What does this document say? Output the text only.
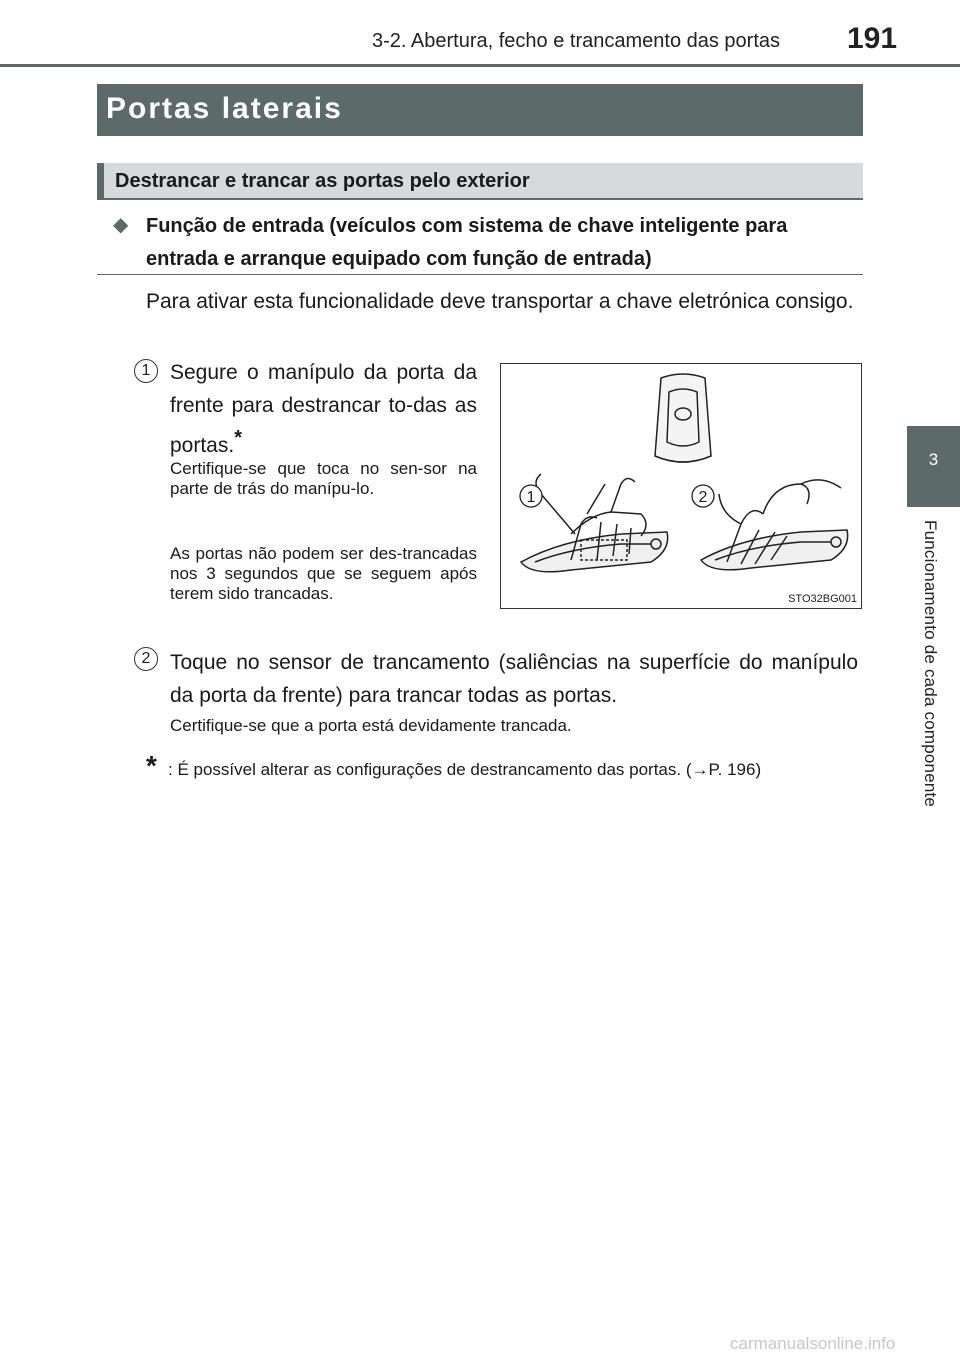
3-2. Abertura, fecho e trancamento das portas 191
3
Funcionamento de cada componente
Portas laterais
Destrancar e trancar as portas pelo exterior
◆ Função de entrada (veículos com sistema de chave inteligente para entrada e arranque equipado com função de entrada)
Para ativar esta funcionalidade deve transportar a chave eletrónica consigo.
1 Segure o manípulo da porta da frente para destrancar to-das as portas.*
Certifique-se que toca no sen-sor na parte de trás do manípu-lo.
As portas não podem ser des-trancadas nos 3 segundos que se seguem após terem sido trancadas.
1	2
STO32BG001
2 Toque no sensor de trancamento (saliências na superfície do manípulo da porta da frente) para trancar todas as portas.
Certifique-se que a porta está devidamente trancada.
* : É possível alterar as configurações de destrancamento das portas. (→P. 196)
carmanualsonline.info
